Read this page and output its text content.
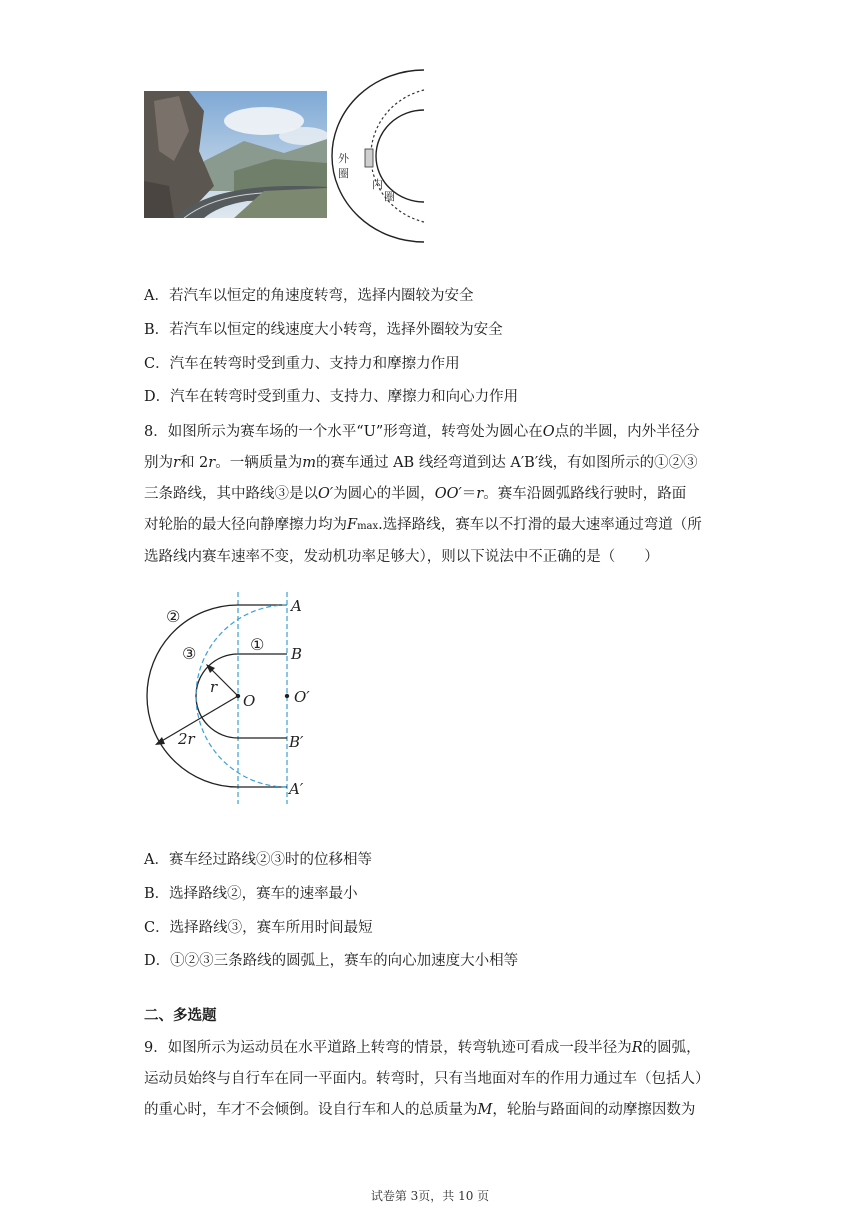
外
圈
内
圈
A．若汽车以恒定的角速度转弯，选择内圈较为安全
B．若汽车以恒定的线速度大小转弯，选择外圈较为安全
C．汽车在转弯时受到重力、支持力和摩擦力作用
D．汽车在转弯时受到重力、支持力、摩擦力和向心力作用
8．如图所示为赛车场的一个水平“U”形弯道，转弯处为圆心在O点的半圆，内外半径分
别为r和 2r。一辆质量为m的赛车通过 AB 线经弯道到达 A′B′线，有如图所示的①②③
三条路线，其中路线③是以O′为圆心的半圆，OO′＝r。赛车沿圆弧路线行驶时，路面
对轮胎的最大径向静摩擦力均为Fmax.选择路线，赛车以不打滑的最大速率通过弯道（所
选路线内赛车速率不变，发动机功率足够大），则以下说法中不正确的是（　　）
A
B
O′
B′
A′
O
r
2r
①
②
③
A．赛车经过路线②③时的位移相等
B．选择路线②，赛车的速率最小
C．选择路线③，赛车所用时间最短
D．①②③三条路线的圆弧上，赛车的向心加速度大小相等
二、多选题
9．如图所示为运动员在水平道路上转弯的情景，转弯轨迹可看成一段半径为R的圆弧，
运动员始终与自行车在同一平面内。转弯时，只有当地面对车的作用力通过车（包括人）
的重心时，车才不会倾倒。设自行车和人的总质量为M，轮胎与路面间的动摩擦因数为
试卷第 3页，共 10 页
